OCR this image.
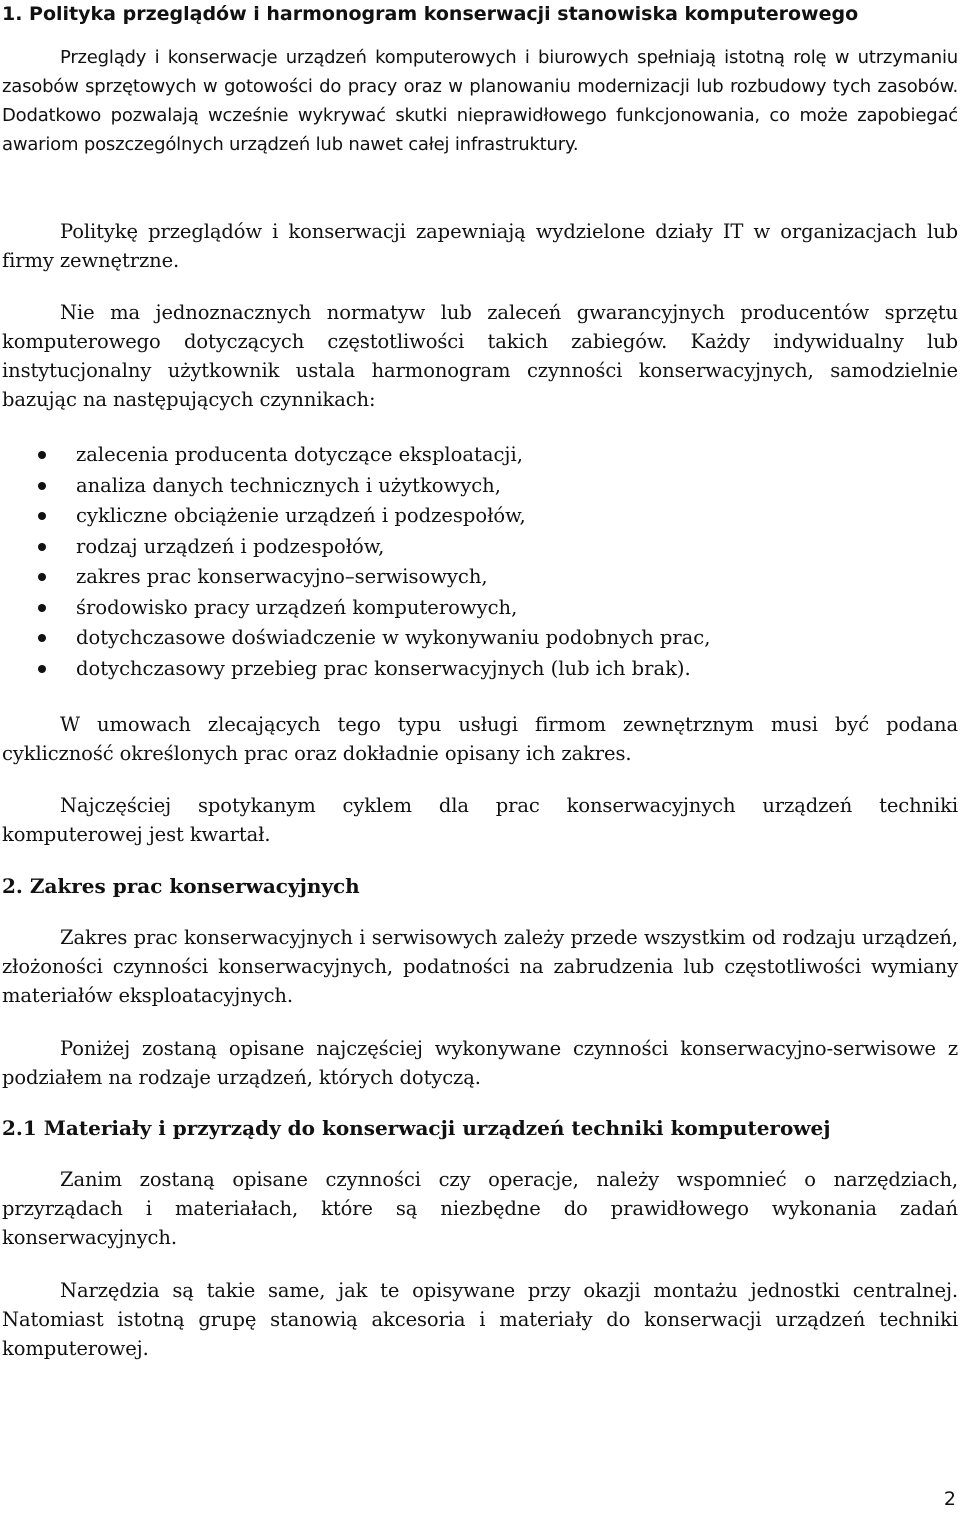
1. Polityka przeglądów i harmonogram konserwacji stanowiska komputerowego

Przeglądy i konserwacje urządzeń komputerowych i biurowych spełniają istotną rolę w utrzymaniu zasobów sprzętowych w gotowości do pracy oraz w planowaniu modernizacji lub rozbudowy tych zasobów. Dodatkowo pozwalają wcześnie wykrywać skutki nieprawidłowego funkcjonowania, co może zapobiegać awariom poszczególnych urządzeń lub nawet całej infrastruktury.

Politykę przeglądów i konserwacji zapewniają wydzielone działy IT w organizacjach lub firmy zewnętrzne.

Nie ma jednoznacznych normatyw lub zaleceń gwarancyjnych producentów sprzętu komputerowego dotyczących częstotliwości takich zabiegów. Każdy indywidualny lub instytucjonalny użytkownik ustala harmonogram czynności konserwacyjnych, samodzielnie bazując na następujących czynnikach:

zalecenia producenta dotyczące eksploatacji,
analiza danych technicznych i użytkowych,
cykliczne obciążenie urządzeń i podzespołów,
rodzaj urządzeń i podzespołów,
zakres prac konserwacyjno–serwisowych,
środowisko pracy urządzeń komputerowych,
dotychczasowe doświadczenie w wykonywaniu podobnych prac,
dotychczasowy przebieg prac konserwacyjnych (lub ich brak).

W umowach zlecających tego typu usługi firmom zewnętrznym musi być podana cykliczność określonych prac oraz dokładnie opisany ich zakres.

Najczęściej spotykanym cyklem dla prac konserwacyjnych urządzeń techniki komputerowej jest kwartał.

2. Zakres prac konserwacyjnych

Zakres prac konserwacyjnych i serwisowych zależy przede wszystkim od rodzaju urządzeń, złożoności czynności konserwacyjnych, podatności na zabrudzenia lub częstotliwości wymiany materiałów eksploatacyjnych.

Poniżej zostaną opisane najczęściej wykonywane czynności konserwacyjno-serwisowe z podziałem na rodzaje urządzeń, których dotyczą.

2.1 Materiały i przyrządy do konserwacji urządzeń techniki komputerowej

Zanim zostaną opisane czynności czy operacje, należy wspomnieć o narzędziach, przyrządach i materiałach, które są niezbędne do prawidłowego wykonania zadań konserwacyjnych.

Narzędzia są takie same, jak te opisywane przy okazji montażu jednostki centralnej. Natomiast istotną grupę stanowią akcesoria i materiały do konserwacji urządzeń techniki komputerowej.

2
